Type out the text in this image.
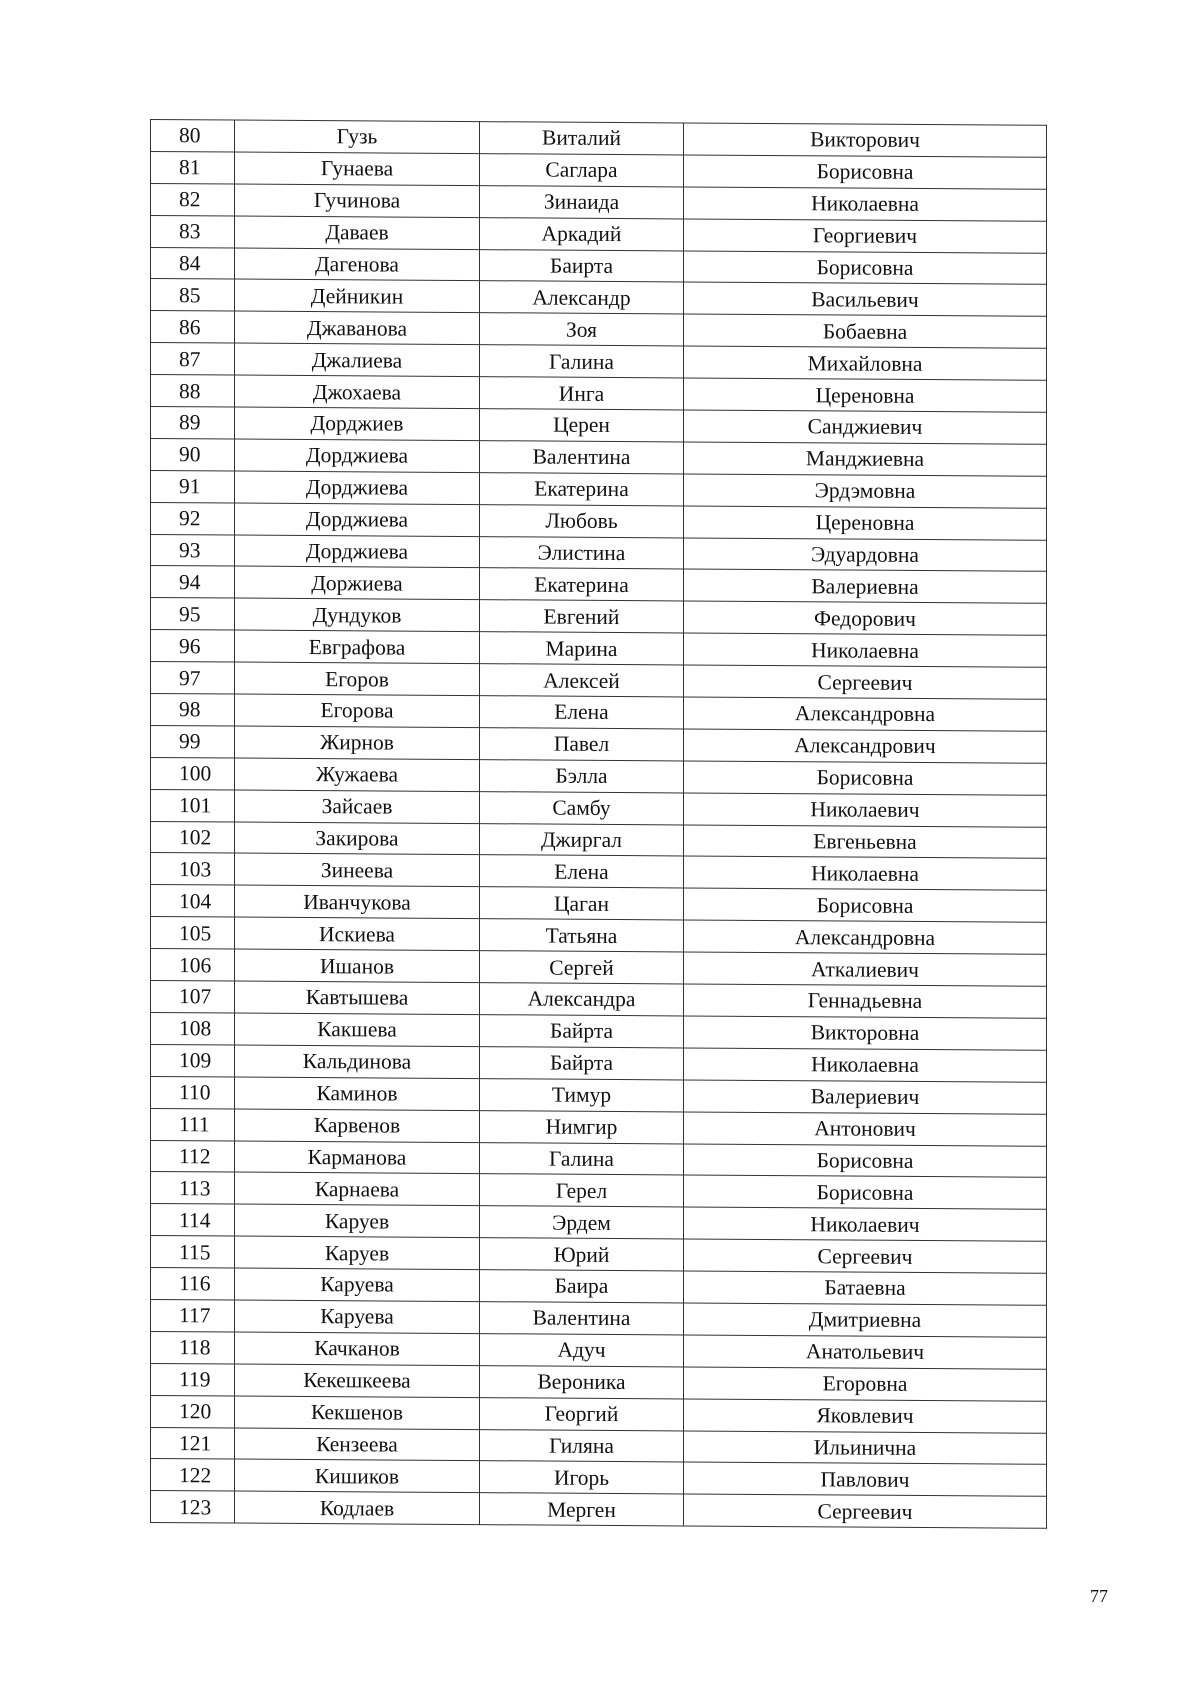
80	Гузь	Виталий	Викторович
81	Гунаева	Саглара	Борисовна
82	Гучинова	Зинаида	Николаевна
83	Даваев	Аркадий	Георгиевич
84	Дагенова	Баирта	Борисовна
85	Дейникин	Александр	Васильевич
86	Джаванова	Зоя	Бобаевна
87	Джалиева	Галина	Михайловна
88	Джохаева	Инга	Цереновна
89	Дорджиев	Церен	Санджиевич
90	Дорджиева	Валентина	Манджиевна
91	Дорджиева	Екатерина	Эрдэмовна
92	Дорджиева	Любовь	Цереновна
93	Дорджиева	Элистина	Эдуардовна
94	Доржиева	Екатерина	Валериевна
95	Дундуков	Евгений	Федорович
96	Евграфова	Марина	Николаевна
97	Егоров	Алексей	Сергеевич
98	Егорова	Елена	Александровна
99	Жирнов	Павел	Александрович
100	Жужаева	Бэлла	Борисовна
101	Зайсаев	Самбу	Николаевич
102	Закирова	Джиргал	Евгеньевна
103	Зинеева	Елена	Николаевна
104	Иванчукова	Цаган	Борисовна
105	Искиева	Татьяна	Александровна
106	Ишанов	Сергей	Аткалиевич
107	Кавтышева	Александра	Геннадьевна
108	Какшева	Байрта	Викторовна
109	Кальдинова	Байрта	Николаевна
110	Каминов	Тимур	Валериевич
111	Карвенов	Нимгир	Антонович
112	Карманова	Галина	Борисовна
113	Карнаева	Герел	Борисовна
114	Каруев	Эрдем	Николаевич
115	Каруев	Юрий	Сергеевич
116	Каруева	Баира	Батаевна
117	Каруева	Валентина	Дмитриевна
118	Качканов	Адуч	Анатольевич
119	Кекешкеева	Вероника	Егоровна
120	Кекшенов	Георгий	Яковлевич
121	Кензеева	Гиляна	Ильинична
122	Кишиков	Игорь	Павлович
123	Кодлаев	Мерген	Сергеевич
77
